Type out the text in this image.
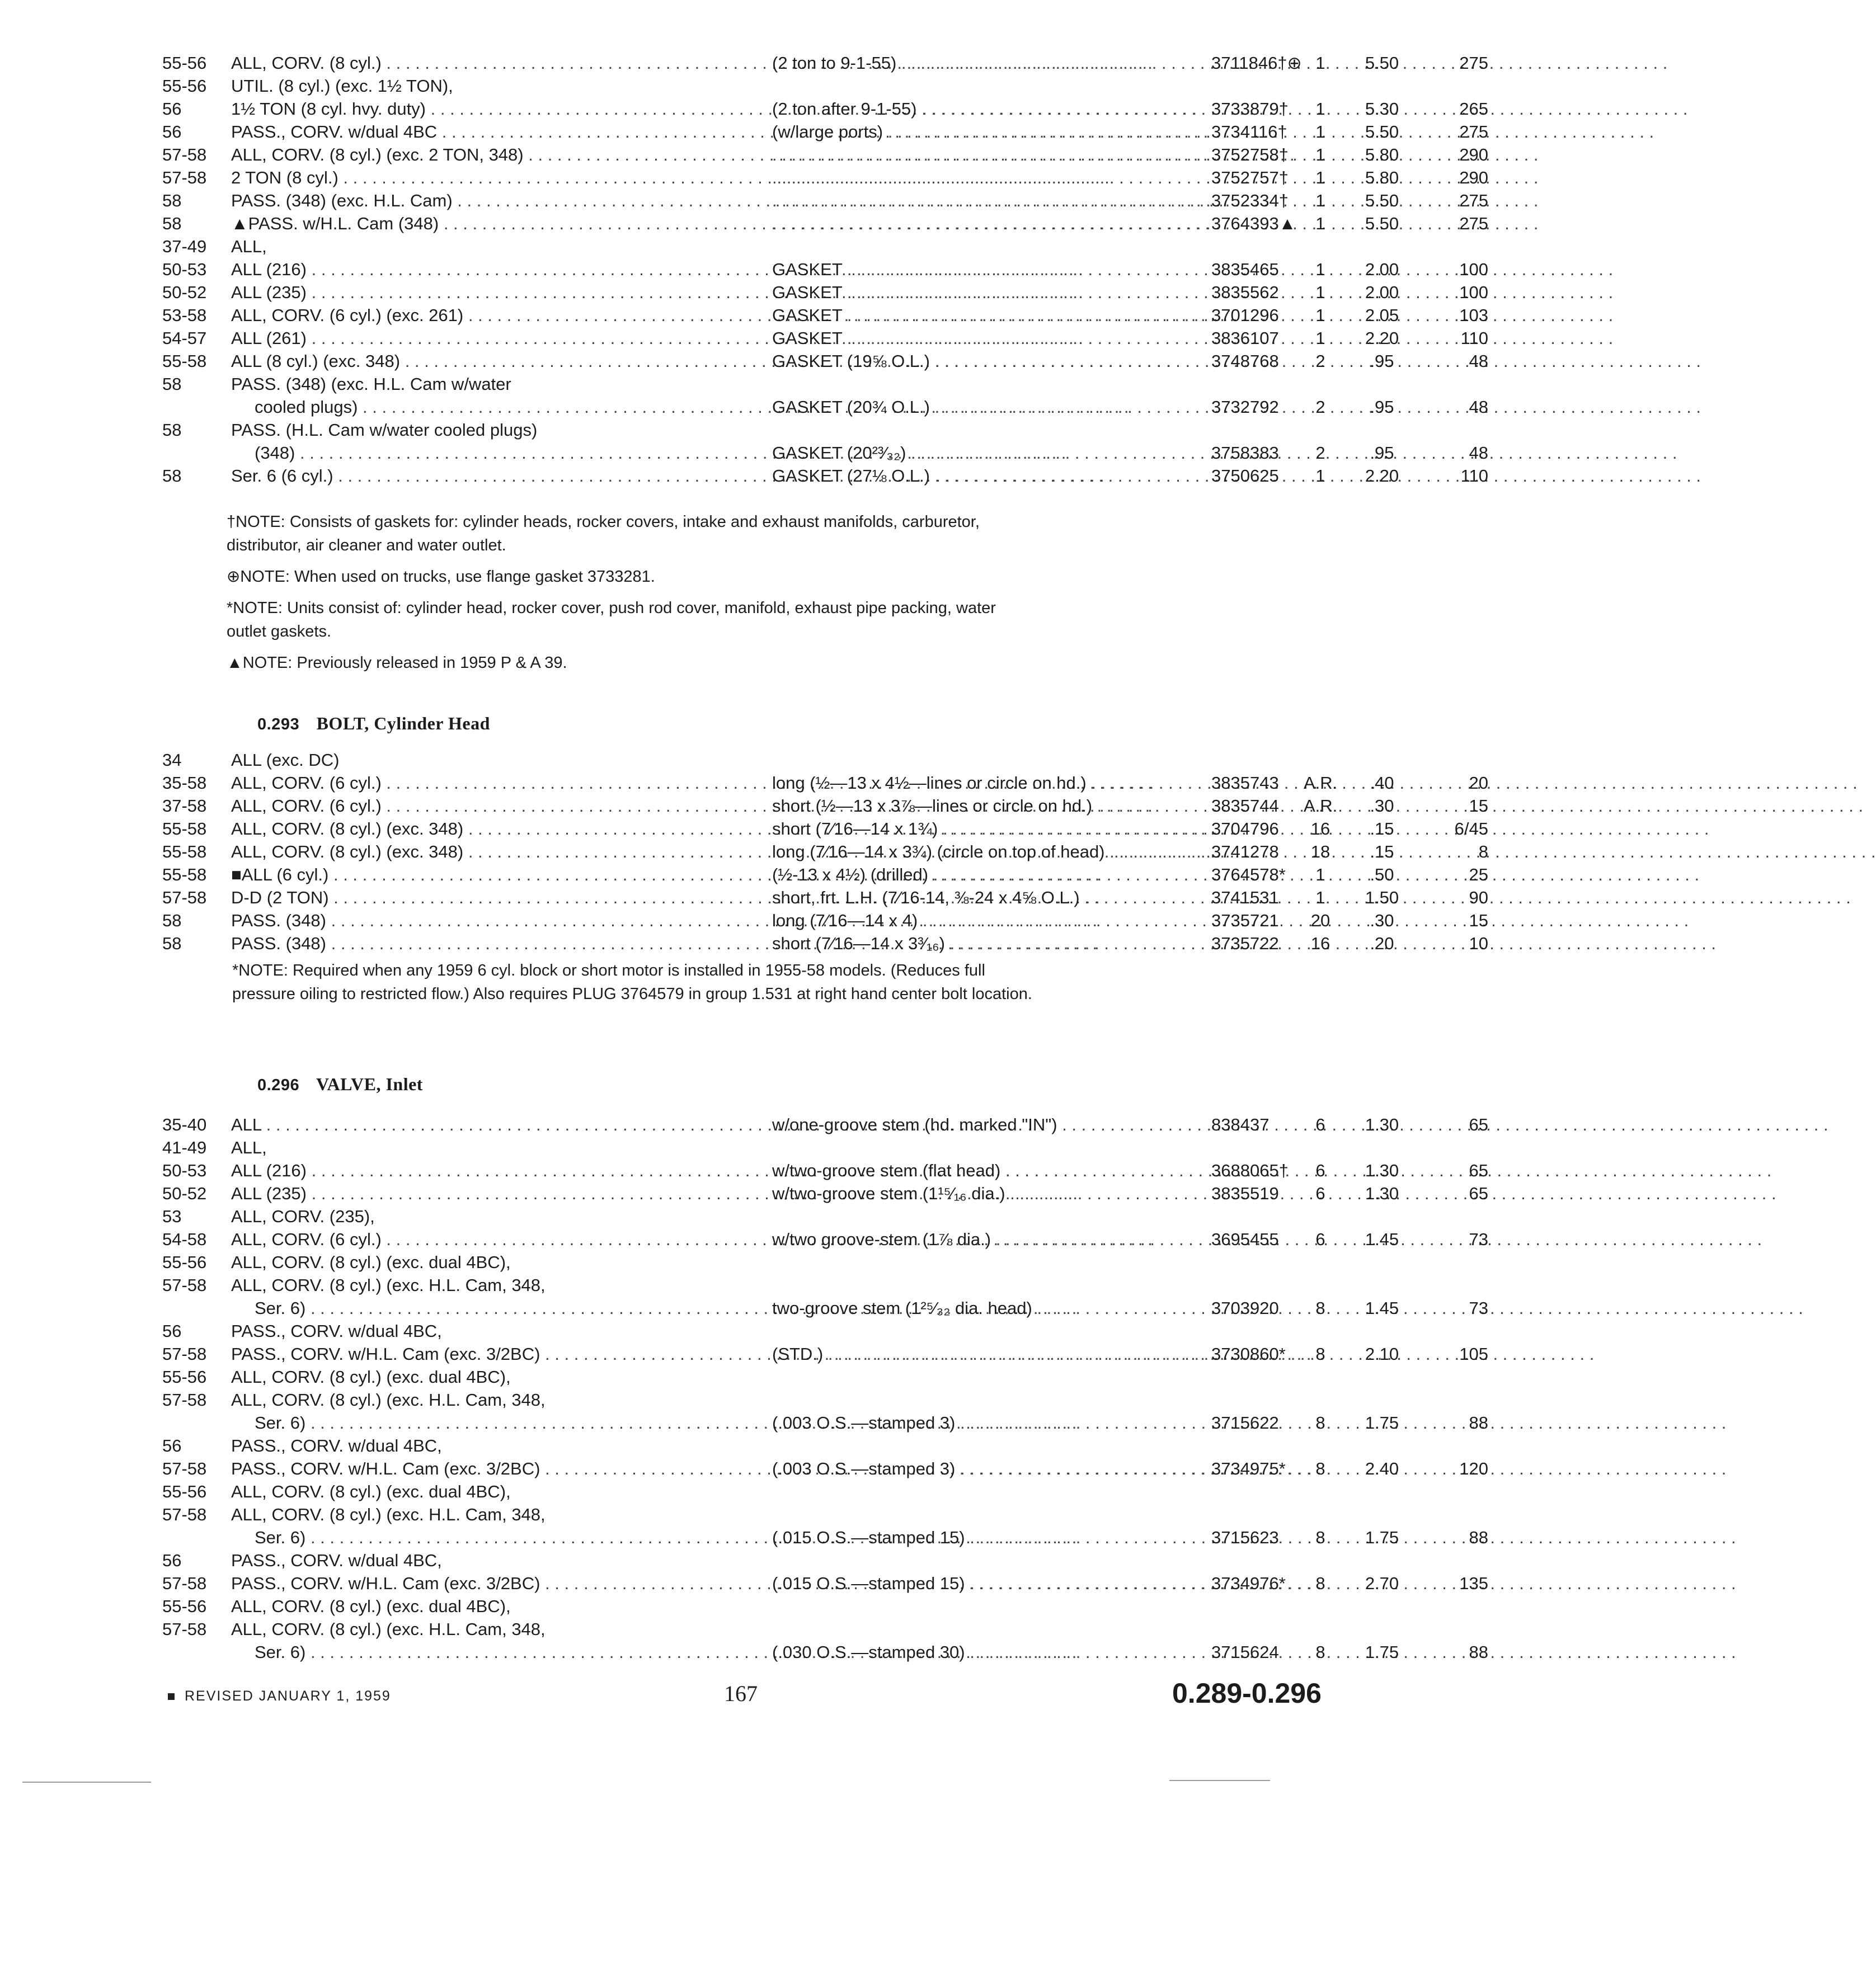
55-56	ALL, CORV. (8 cyl.) . . .	(2 ton to 9-1-55) . . .	3711846†⊕ 1	5.50	275
55-56	UTIL. (8 cyl.) (exc. 1½ TON),
56	1½ TON (8 cyl. hvy. duty) . . .	(2 ton after 9-1-55) . . .	3733879†	1	5.30	265
56	PASS., CORV. w/dual 4BC . . .	(w/large ports) . . .	3734116†	1	5.50	275
57-58	ALL, CORV. (8 cyl.) (exc. 2 TON, 348) . . . . . .	3752758†	1	5.80	290
57-58	2 TON (8 cyl.) . . . . . .	3752757†	1	5.80	290
58	PASS. (348) (exc. H.L. Cam) . . . . . .	3752334†	1	5.50	275
58	▲PASS. w/H.L. Cam (348) . . . . . .	3764393▲	1	5.50	275
37-49	ALL,
50-53	ALL (216) . . .	GASKET . . .	3835465	1	2.00	100
50-52	ALL (235) . . .	GASKET . . .	3835562	1	2.00	100
53-58	ALL, CORV. (6 cyl.) (exc. 261) . . .	GASKET . . .	3701296	1	2.05	103
54-57	ALL (261) . . .	GASKET . . .	3836107	1	2.20	110
55-58	ALL (8 cyl.) (exc. 348) . . .	GASKET (19⅝ O.L.) . . .	3748768	2	.95	48
58	PASS. (348) (exc. H.L. Cam w/water
cooled plugs) . . .	GASKET (20¾ O.L.) . . .	3732792	2	.95	48
58	PASS. (H.L. Cam w/water cooled plugs)
(348) . . .	GASKET (20²³⁄₃₂) . . .	3758383	2	.95	48
58	Ser. 6 (6 cyl.) . . .	GASKET (27⅛ O.L.) . . .	3750625	1	2.20	110

†NOTE: Consists of gaskets for: cylinder heads, rocker covers, intake and exhaust manifolds, carburetor, distributor, air cleaner and water outlet.

⊕NOTE: When used on trucks, use flange gasket 3733281.

*NOTE: Units consist of: cylinder head, rocker cover, push rod cover, manifold, exhaust pipe packing, water outlet gaskets.

▲NOTE: Previously released in 1959 P & A 39.

0.293 BOLT, Cylinder Head
34	ALL (exc. DC)
35-58	ALL, CORV. (6 cyl.) . . .	long (½—13 x 4½—lines or circle on hd.) . . .	3835743	A.R.	.40	20
37-58	ALL, CORV. (6 cyl.) . . .	short (½—13 x 3⅞—lines or circle on hd.) . . .	3835744	A.R.	.30	15
55-58	ALL, CORV. (8 cyl.) (exc. 348) . . .	short (7⁄16—14 x 1¾) . . .	3704796	16	.15	6/45
55-58	ALL, CORV. (8 cyl.) (exc. 348) . . .	long (7⁄16—14 x 3¾) (circle on top of head) . . .	3741278	18	.15	8
55-58	■ALL (6 cyl.) . . .	(½-13 x 4½) (drilled) . . .	3764578*	1	.50	25
57-58	D-D (2 TON) . . .	short, frt. L.H. (7⁄16-14, ⅜-24 x 4⅝ O.L.) . . .	3741531	1	1.50	90
58	PASS. (348) . . .	long (7⁄16—14 x 4) . . .	3735721	20	.30	15
58	PASS. (348) . . .	short (7⁄16—14 x 3³⁄₁₆) . . .	3735722	16	.20	10

*NOTE: Required when any 1959 6 cyl. block or short motor is installed in 1955-58 models. (Reduces full pressure oiling to restricted flow.) Also requires PLUG 3764579 in group 1.531 at right hand center bolt location.

0.296 VALVE, Inlet
35-40	ALL . . .	w/one-groove stem (hd. marked "IN") . . .	838437	6	1.30	65
41-49	ALL,
50-53	ALL (216) . . .	w/two-groove stem (flat head) . . .	3688065†	6	1.30	65
50-52	ALL (235) . . .	w/two-groove stem (1¹⁵⁄₁₆ dia.) . . .	3835519	6	1.30	65
53	ALL, CORV. (235),
54-58	ALL, CORV. (6 cyl.) . . .	w/two groove-stem (1⅞ dia.) . . .	3695455	6	1.45	73
55-56	ALL, CORV. (8 cyl.) (exc. dual 4BC),
57-58	ALL, CORV. (8 cyl.) (exc. H.L. Cam, 348,
Ser. 6) . . .	two-groove stem (1²⁵⁄₃₂ dia. head) . . .	3703920	8	1.45	73
56	PASS., CORV. w/dual 4BC,
57-58	PASS., CORV. w/H.L. Cam (exc. 3/2BC) . . .	(STD.) . . .	3730860*	8	2.10	105
55-56	ALL, CORV. (8 cyl.) (exc. dual 4BC),
57-58	ALL, CORV. (8 cyl.) (exc. H.L. Cam, 348,
Ser. 6) . . .	(.003 O.S.—stamped 3) . . .	3715622	8	1.75	88
56	PASS., CORV. w/dual 4BC,
57-58	PASS., CORV. w/H.L. Cam (exc. 3/2BC) . . .	(.003 O.S.—stamped 3) . . .	3734975*	8	2.40	120
55-56	ALL, CORV. (8 cyl.) (exc. dual 4BC),
57-58	ALL, CORV. (8 cyl.) (exc. H.L. Cam, 348,
Ser. 6) . . .	(.015 O.S.—stamped 15) . . .	3715623	8	1.75	88
56	PASS., CORV. w/dual 4BC,
57-58	PASS., CORV. w/H.L. Cam (exc. 3/2BC) . . .	(.015 O.S.—stamped 15) . . .	3734976*	8	2.70	135
55-56	ALL, CORV. (8 cyl.) (exc. dual 4BC),
57-58	ALL, CORV. (8 cyl.) (exc. H.L. Cam, 348,
Ser. 6) . . .	(.030 O.S.—stamped 30) . . .	3715624	8	1.75	88
REVISED JANUARY 1, 1959	167	0.289-0.296
